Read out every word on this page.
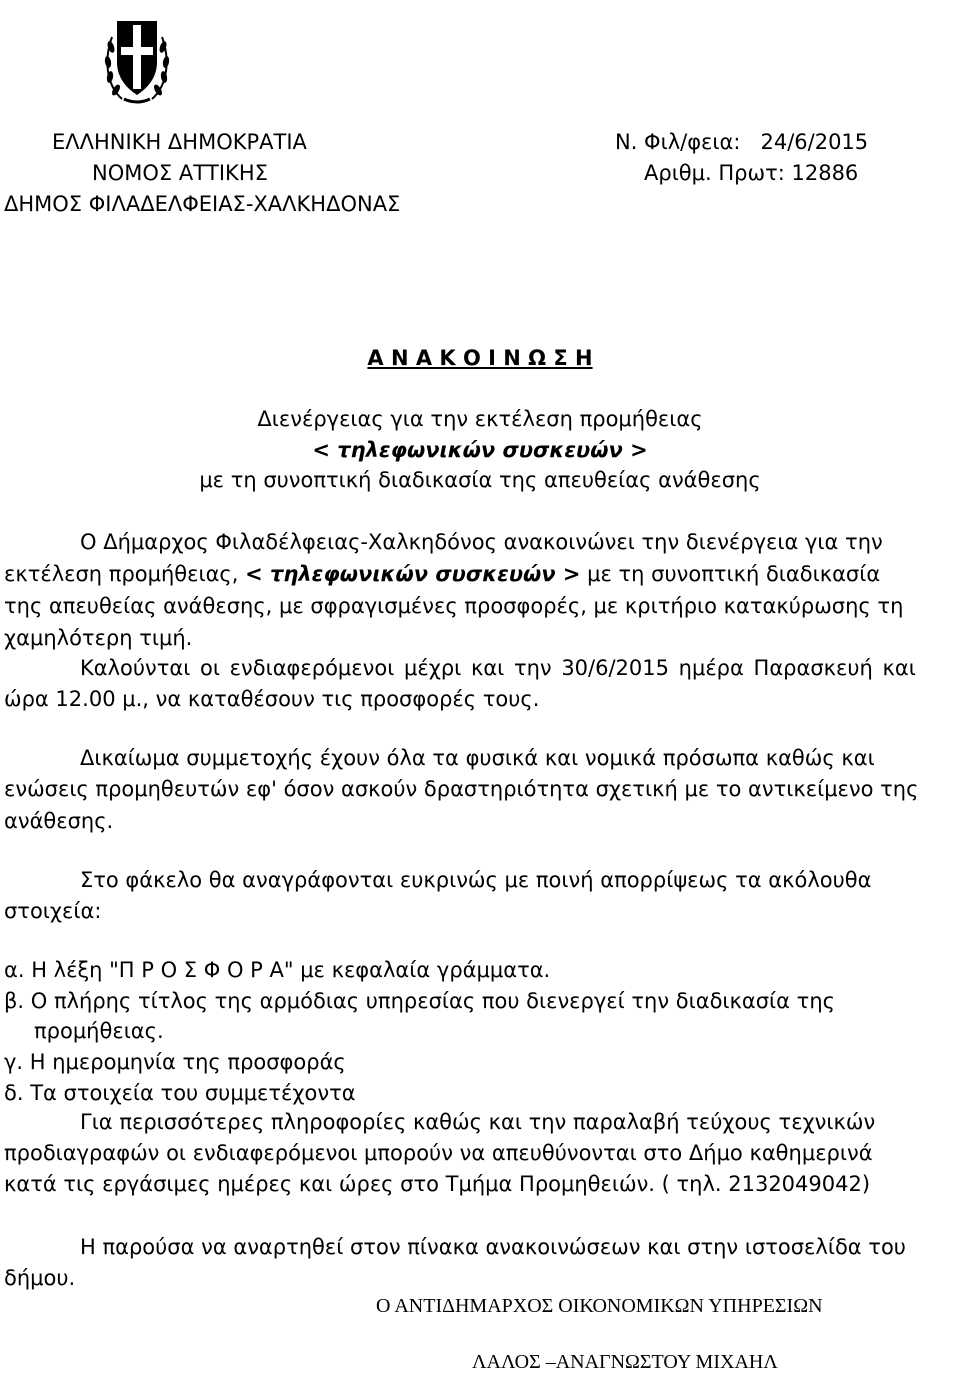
ΕΛΛΗΝΙΚΗ ΔΗΜΟΚΡΑΤΙΑ
ΝΟΜΟΣ ΑΤΤΙΚΗΣ
ΔΗΜΟΣ ΦΙΛΑΔΕΛΦΕΙΑΣ-ΧΑΛΚΗΔΟΝΑΣ
Ν. Φιλ/φεια: 24/6/2015
Αριθμ. Πρωτ: 12886
Α Ν Α Κ Ο Ι Ν Ω Σ Η
Διενέργειας για την εκτέλεση προμήθειας
< τηλεφωνικών συσκευών >
με τη συνοπτική διαδικασία της απευθείας ανάθεσης
Ο Δήμαρχος Φιλαδέλφειας-Χαλκηδόνος ανακοινώνει την διενέργεια για την
εκτέλεση προμήθειας, < τηλεφωνικών συσκευών > με τη συνοπτική διαδικασία
της απευθείας ανάθεσης, με σφραγισμένες προσφορές, με κριτήριο κατακύρωσης τη
χαμηλότερη τιμή.
Καλούνται οι ενδιαφερόμενοι μέχρι και την 30/6/2015 ημέρα Παρασκευή και
ώρα 12.00 μ., να καταθέσουν τις προσφορές τους.
Δικαίωμα συμμετοχής έχουν όλα τα φυσικά και νομικά πρόσωπα καθώς και
ενώσεις προμηθευτών εφ' όσον ασκούν δραστηριότητα σχετική με το αντικείμενο της
ανάθεσης.
Στο φάκελο θα αναγράφονται ευκρινώς με ποινή απορρίψεως τα ακόλουθα
στοιχεία:
α. Η λέξη "Π Ρ Ο Σ Φ Ο Ρ Α" με κεφαλαία γράμματα.
β. Ο πλήρης τίτλος της αρμόδιας υπηρεσίας που διενεργεί την διαδικασία της
προμήθειας.
γ. Η ημερομηνία της προσφοράς
δ. Τα στοιχεία του συμμετέχοντα
Για περισσότερες πληροφορίες καθώς και την παραλαβή τεύχους τεχνικών
προδιαγραφών οι ενδιαφερόμενοι μπορούν να απευθύνονται στο Δήμο καθημερινά
κατά τις εργάσιμες ημέρες και ώρες στο Τμήμα Προμηθειών. ( τηλ. 2132049042)
Η παρούσα να αναρτηθεί στον πίνακα ανακοινώσεων και στην ιστοσελίδα του
δήμου.
Ο ΑΝΤΙΔΗΜΑΡΧΟΣ ΟΙΚΟΝΟΜΙΚΩΝ ΥΠΗΡΕΣΙΩΝ
ΛΑΛΟΣ –ΑΝΑΓΝΩΣΤΟΥ ΜΙΧΑΗΛ
